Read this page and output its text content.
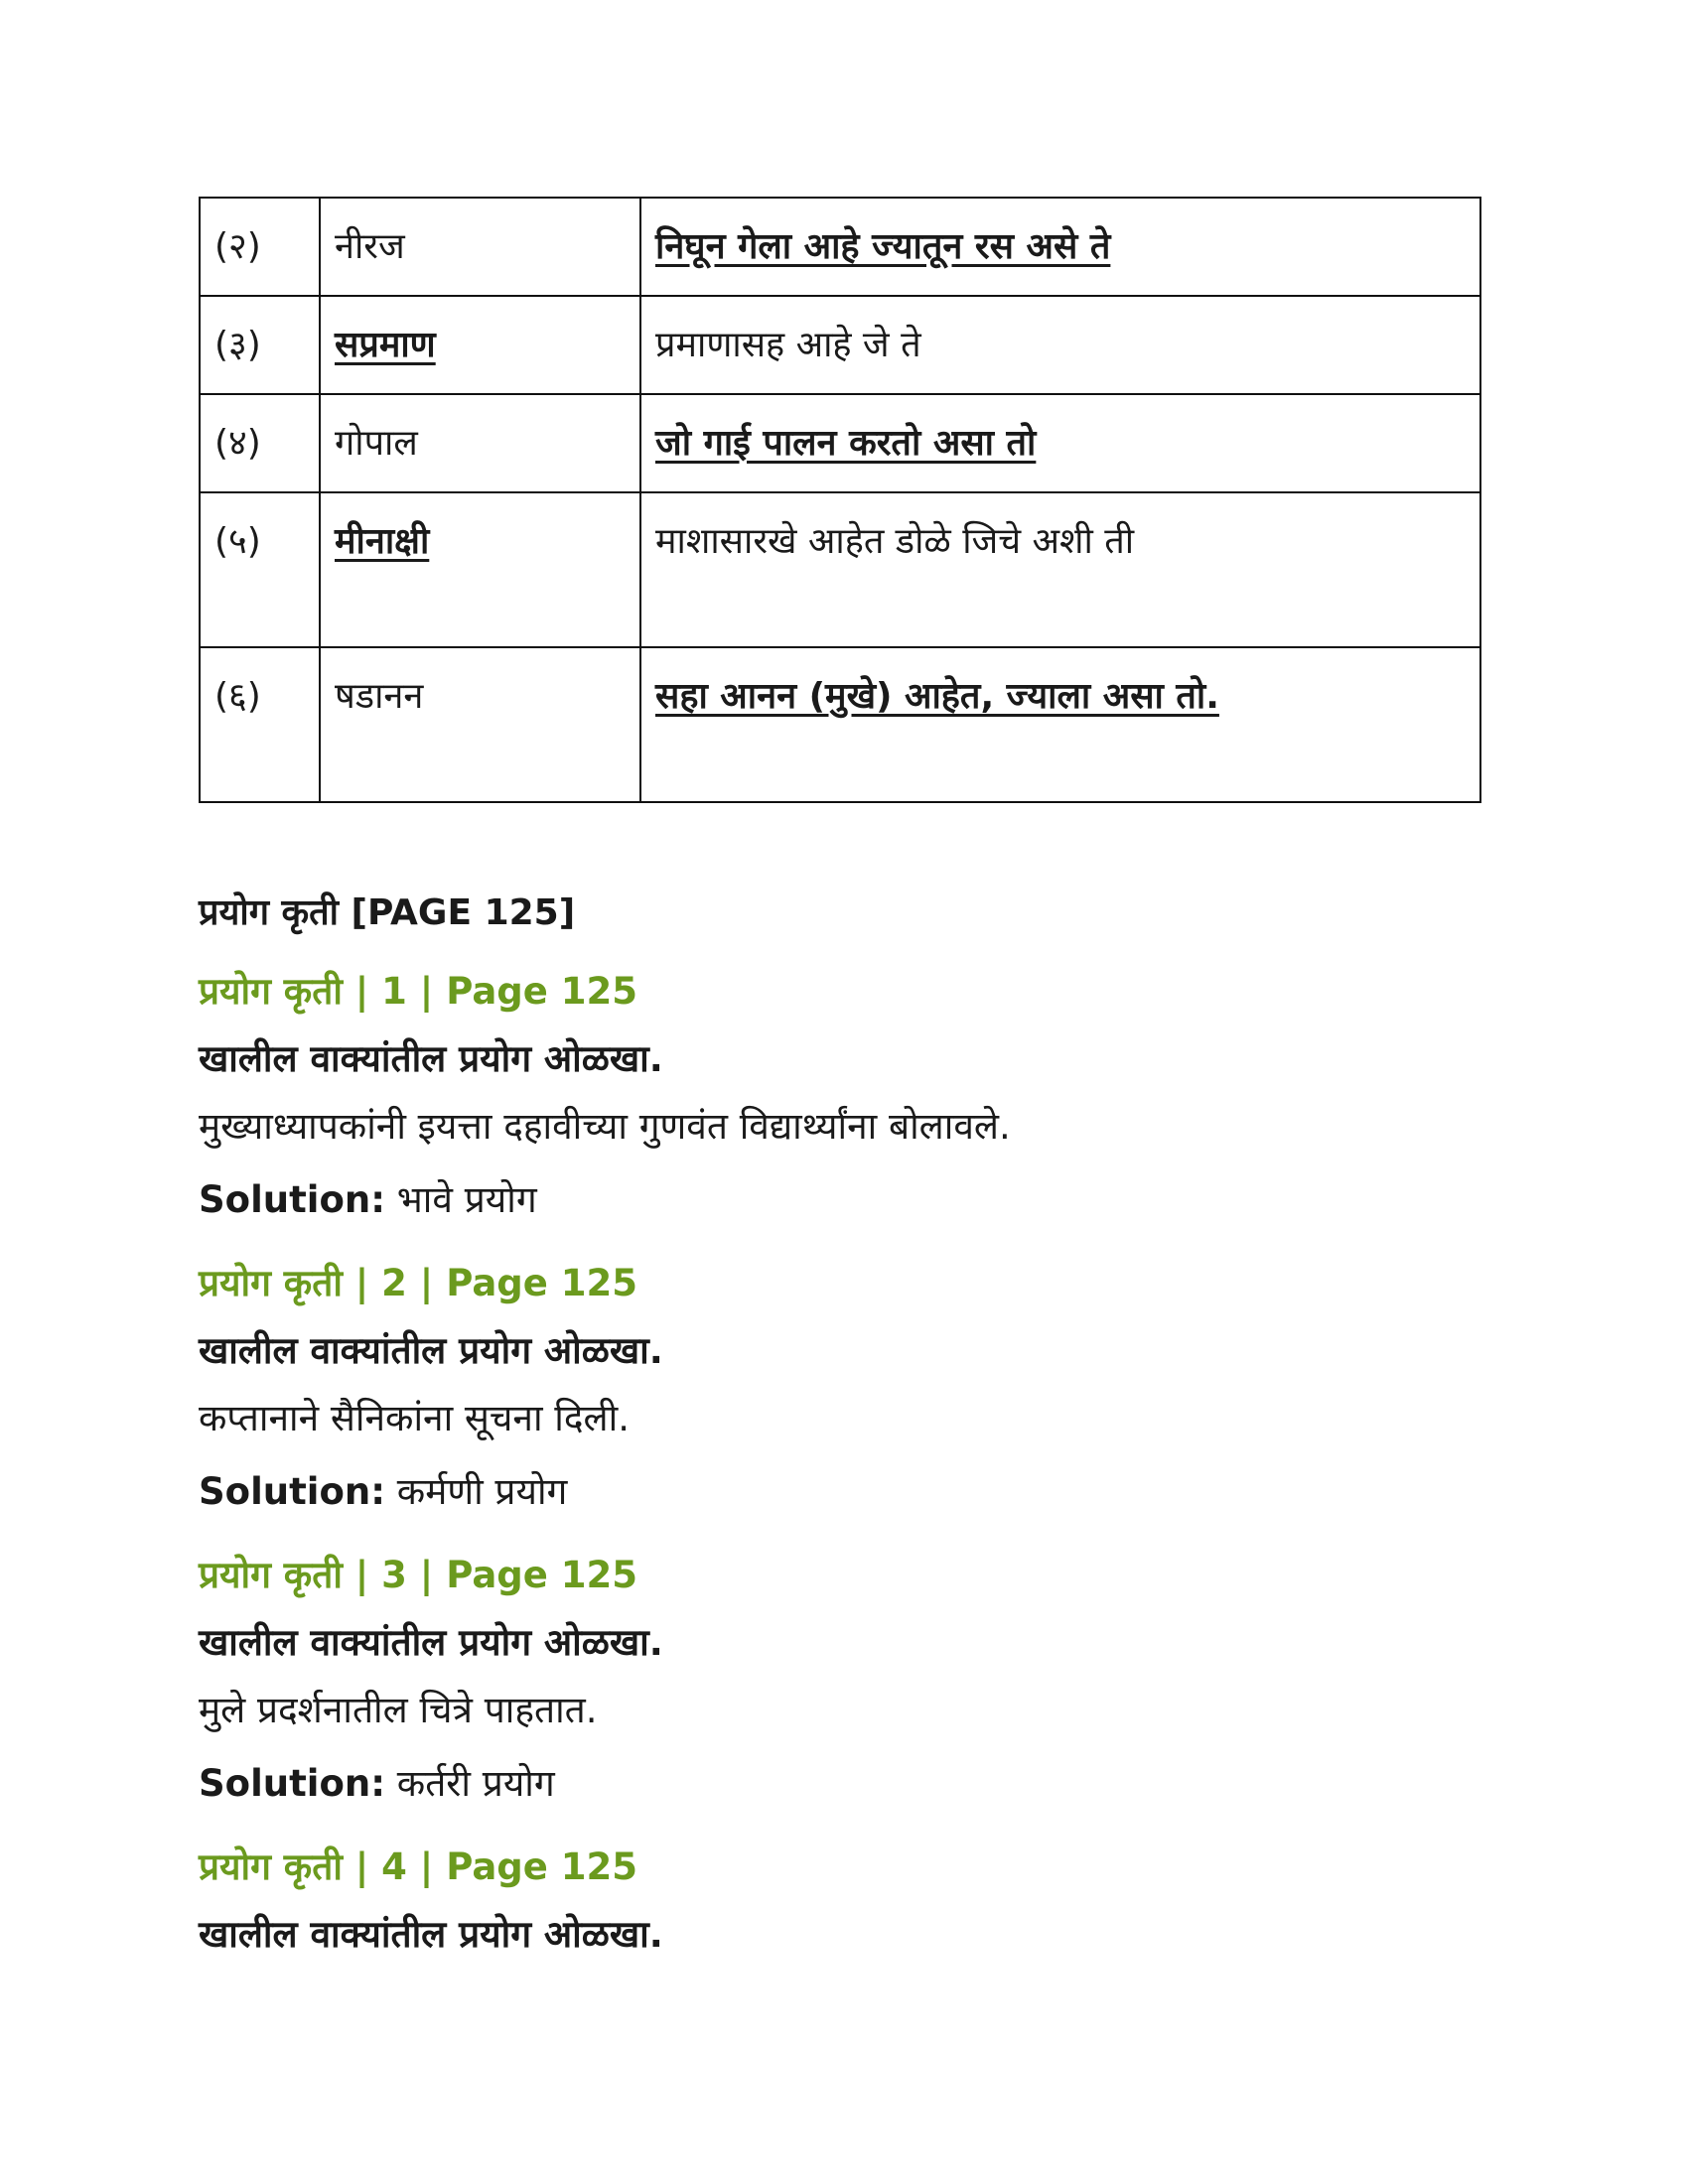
(२)	नीरज	निघून गेला आहे ज्यातून रस असे ते
(३)	सप्रमाण	प्रमाणासह आहे जे ते
(४)	गोपाल	जो गाई पालन करतो असा तो
(५)	मीनाक्षी	माशासारखे आहेत डोळे जिचे अशी ती
(६)	षडानन	सहा आनन (मुखे) आहेत, ज्याला असा तो.
प्रयोग कृती [PAGE 125]
प्रयोग कृती | 1 | Page 125
खालील वाक्यांतील प्रयोग ओळखा.
मुख्याध्यापकांनी इयत्ता दहावीच्या गुणवंत विद्यार्थ्यांना बोलावले.
Solution: भावे प्रयोग
प्रयोग कृती | 2 | Page 125
खालील वाक्यांतील प्रयोग ओळखा.
कप्तानाने सैनिकांना सूचना दिली.
Solution: कर्मणी प्रयोग
प्रयोग कृती | 3 | Page 125
खालील वाक्यांतील प्रयोग ओळखा.
मुले प्रदर्शनातील चित्रे पाहतात.
Solution: कर्तरी प्रयोग
प्रयोग कृती | 4 | Page 125
खालील वाक्यांतील प्रयोग ओळखा.
